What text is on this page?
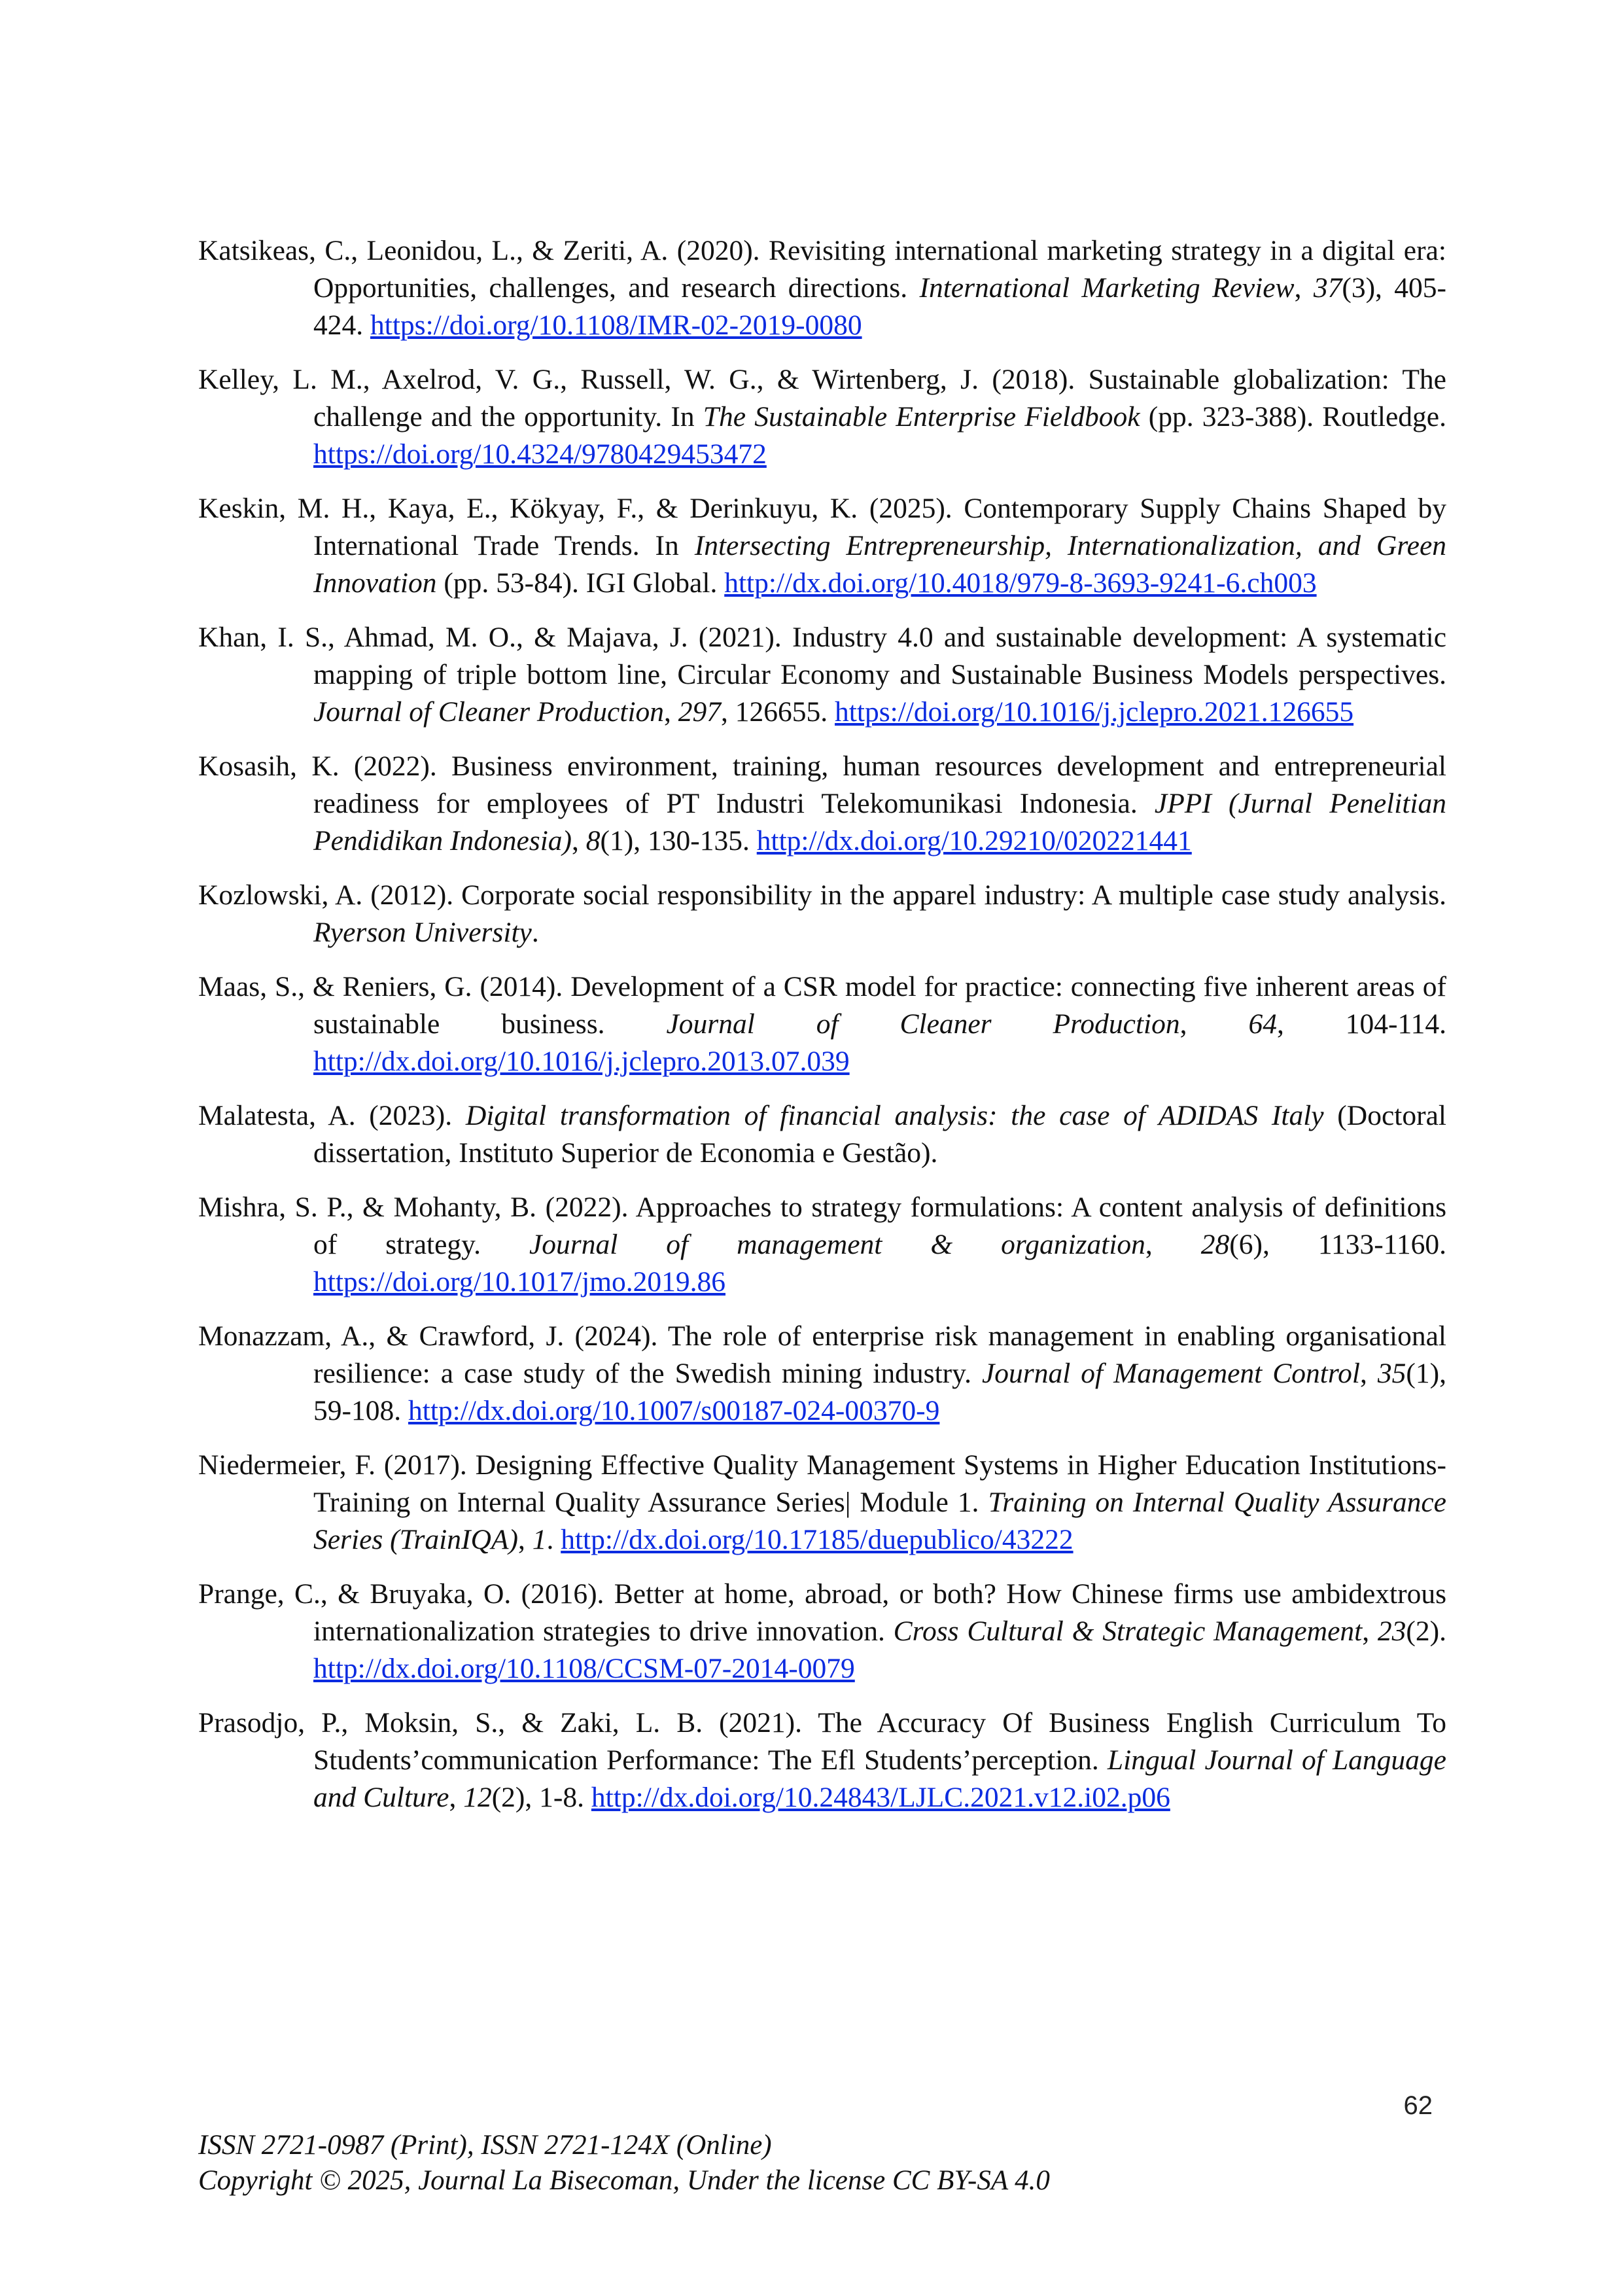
Katsikeas, C., Leonidou, L., & Zeriti, A. (2020). Revisiting international marketing strategy in a digital era: Opportunities, challenges, and research directions. International Marketing Review, 37(3), 405-424. https://doi.org/10.1108/IMR-02-2019-0080

Kelley, L. M., Axelrod, V. G., Russell, W. G., & Wirtenberg, J. (2018). Sustainable globalization: The challenge and the opportunity. In The Sustainable Enterprise Fieldbook (pp. 323-388). Routledge. https://doi.org/10.4324/9780429453472

Keskin, M. H., Kaya, E., Kökyay, F., & Derinkuyu, K. (2025). Contemporary Supply Chains Shaped by International Trade Trends. In Intersecting Entrepreneurship, Internationalization, and Green Innovation (pp. 53-84). IGI Global. http://dx.doi.org/10.4018/979-8-3693-9241-6.ch003

Khan, I. S., Ahmad, M. O., & Majava, J. (2021). Industry 4.0 and sustainable development: A systematic mapping of triple bottom line, Circular Economy and Sustainable Business Models perspectives. Journal of Cleaner Production, 297, 126655. https://doi.org/10.1016/j.jclepro.2021.126655

Kosasih, K. (2022). Business environment, training, human resources development and entrepreneurial readiness for employees of PT Industri Telekomunikasi Indonesia. JPPI (Jurnal Penelitian Pendidikan Indonesia), 8(1), 130-135. http://dx.doi.org/10.29210/020221441

Kozlowski, A. (2012). Corporate social responsibility in the apparel industry: A multiple case study analysis. Ryerson University.

Maas, S., & Reniers, G. (2014). Development of a CSR model for practice: connecting five inherent areas of sustainable business. Journal of Cleaner Production, 64, 104-114. http://dx.doi.org/10.1016/j.jclepro.2013.07.039

Malatesta, A. (2023). Digital transformation of financial analysis: the case of ADIDAS Italy (Doctoral dissertation, Instituto Superior de Economia e Gestão).

Mishra, S. P., & Mohanty, B. (2022). Approaches to strategy formulations: A content analysis of definitions of strategy. Journal of management & organization, 28(6), 1133-1160. https://doi.org/10.1017/jmo.2019.86

Monazzam, A., & Crawford, J. (2024). The role of enterprise risk management in enabling organisational resilience: a case study of the Swedish mining industry. Journal of Management Control, 35(1), 59-108. http://dx.doi.org/10.1007/s00187-024-00370-9

Niedermeier, F. (2017). Designing Effective Quality Management Systems in Higher Education Institutions-Training on Internal Quality Assurance Series| Module 1. Training on Internal Quality Assurance Series (TrainIQA), 1. http://dx.doi.org/10.17185/duepublico/43222

Prange, C., & Bruyaka, O. (2016). Better at home, abroad, or both? How Chinese firms use ambidextrous internationalization strategies to drive innovation. Cross Cultural & Strategic Management, 23(2). http://dx.doi.org/10.1108/CCSM-07-2014-0079

Prasodjo, P., Moksin, S., & Zaki, L. B. (2021). The Accuracy Of Business English Curriculum To Students’communication Performance: The Efl Students’perception. Lingual Journal of Language and Culture, 12(2), 1-8. http://dx.doi.org/10.24843/LJLC.2021.v12.i02.p06

62
ISSN 2721-0987 (Print), ISSN 2721-124X (Online)
Copyright © 2025, Journal La Bisecoman, Under the license CC BY-SA 4.0
